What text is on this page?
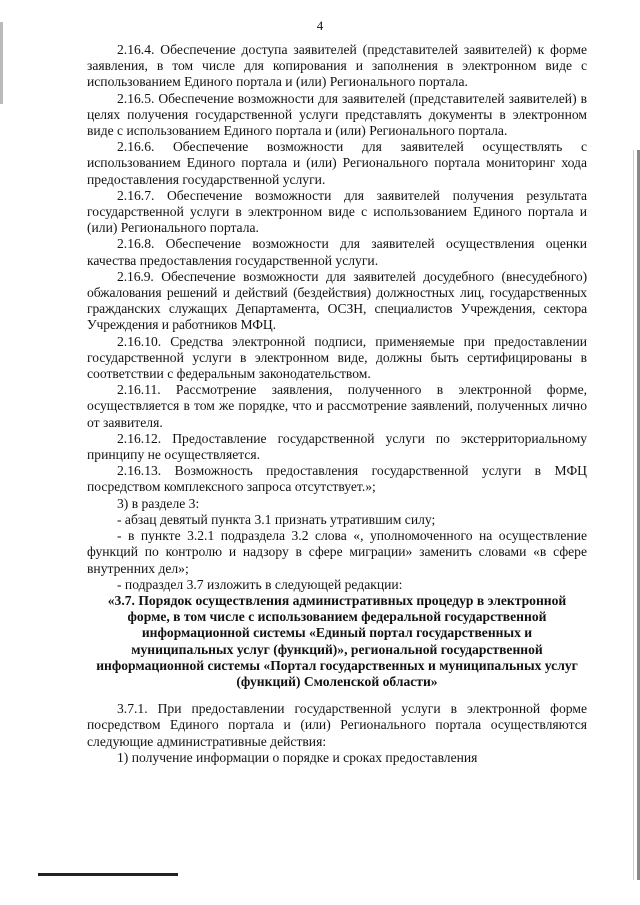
4

2.16.4. Обеспечение доступа заявителей (представителей заявителей) к форме заявления, в том числе для копирования и заполнения в электронном виде с использованием Единого портала и (или) Регионального портала.

2.16.5. Обеспечение возможности для заявителей (представителей заявителей) в целях получения государственной услуги представлять документы в электронном виде с использованием Единого портала и (или) Регионального портала.

2.16.6. Обеспечение возможности для заявителей осуществлять с использованием Единого портала и (или) Регионального портала мониторинг хода предоставления государственной услуги.

2.16.7. Обеспечение возможности для заявителей получения результата государственной услуги в электронном виде с использованием Единого портала и (или) Регионального портала.

2.16.8. Обеспечение возможности для заявителей осуществления оценки качества предоставления государственной услуги.

2.16.9. Обеспечение возможности для заявителей досудебного (внесудебного) обжалования решений и действий (бездействия) должностных лиц, государственных гражданских служащих Департамента, ОСЗН, специалистов Учреждения, сектора Учреждения и работников МФЦ.

2.16.10. Средства электронной подписи, применяемые при предоставлении государственной услуги в электронном виде, должны быть сертифицированы в соответствии с федеральным законодательством.

2.16.11. Рассмотрение заявления, полученного в электронной форме, осуществляется в том же порядке, что и рассмотрение заявлений, полученных лично от заявителя.

2.16.12. Предоставление государственной услуги по экстерриториальному принципу не осуществляется.

2.16.13. Возможность предоставления государственной услуги в МФЦ посредством комплексного запроса отсутствует.»;

3) в разделе 3:

- абзац девятый пункта 3.1 признать утратившим силу;

- в пункте 3.2.1 подраздела 3.2 слова «, уполномоченного на осуществление функций по контролю и надзору в сфере миграции» заменить словами «в сфере внутренних дел»;

- подраздел 3.7 изложить в следующей редакции:

«3.7. Порядок осуществления административных процедур в электронной форме, в том числе с использованием федеральной государственной информационной системы «Единый портал государственных и муниципальных услуг (функций)», региональной государственной информационной системы «Портал государственных и муниципальных услуг (функций) Смоленской области»

3.7.1. При предоставлении государственной услуги в электронной форме посредством Единого портала и (или) Регионального портала осуществляются следующие административные действия:

1) получение информации о порядке и сроках предоставления
